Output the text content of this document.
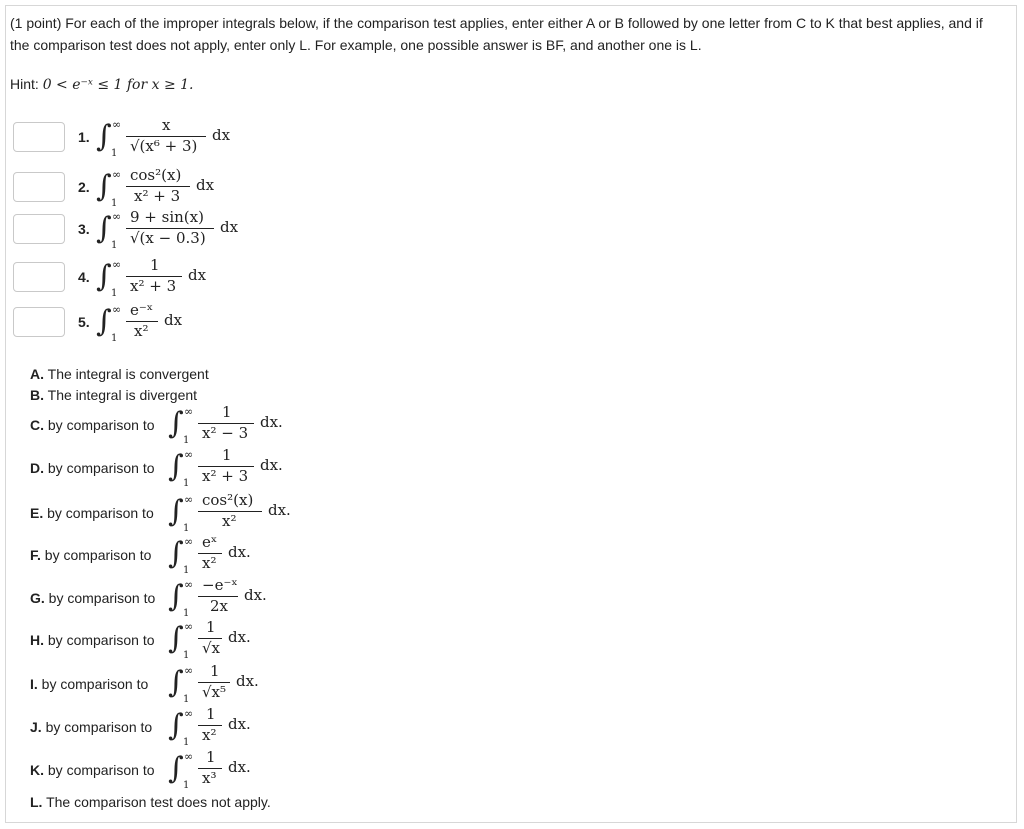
(1 point) For each of the improper integrals below, if the comparison test applies, enter either A or B followed by one letter from C to K that best applies, and if the comparison test does not apply, enter only L. For example, one possible answer is BF, and another one is L.
Hint: 0 < e⁻ˣ ≤ 1 for x ≥ 1.
1. ∫ ∞
1
x
√(x⁶ + 3)
dx
2. ∫ ∞
1
cos²(x)
x² + 3
dx
3. ∫ ∞
1
9 + sin(x)
√(x − 0.3)
dx
4. ∫ ∞
1
1
x² + 3
dx
5. ∫ ∞
1
e⁻ˣ
x²
dx
A. The integral is convergent
B. The integral is divergent
C. by comparison to ∫ ∞
1
1
x² − 3
dx.
D. by comparison to ∫ ∞
1
1
x² + 3
dx.
E. by comparison to ∫ ∞
1
cos²(x)
x²
dx.
F. by comparison to ∫ ∞
1
eˣ
x²
dx.
G. by comparison to ∫ ∞
1
−e⁻ˣ
2x
dx.
H. by comparison to ∫ ∞
1
1
√x
dx.
I. by comparison to ∫ ∞
1
1
√x⁵
dx.
J. by comparison to ∫ ∞
1
1
x²
dx.
K. by comparison to ∫ ∞
1
1
x³
dx.
L. The comparison test does not apply.
